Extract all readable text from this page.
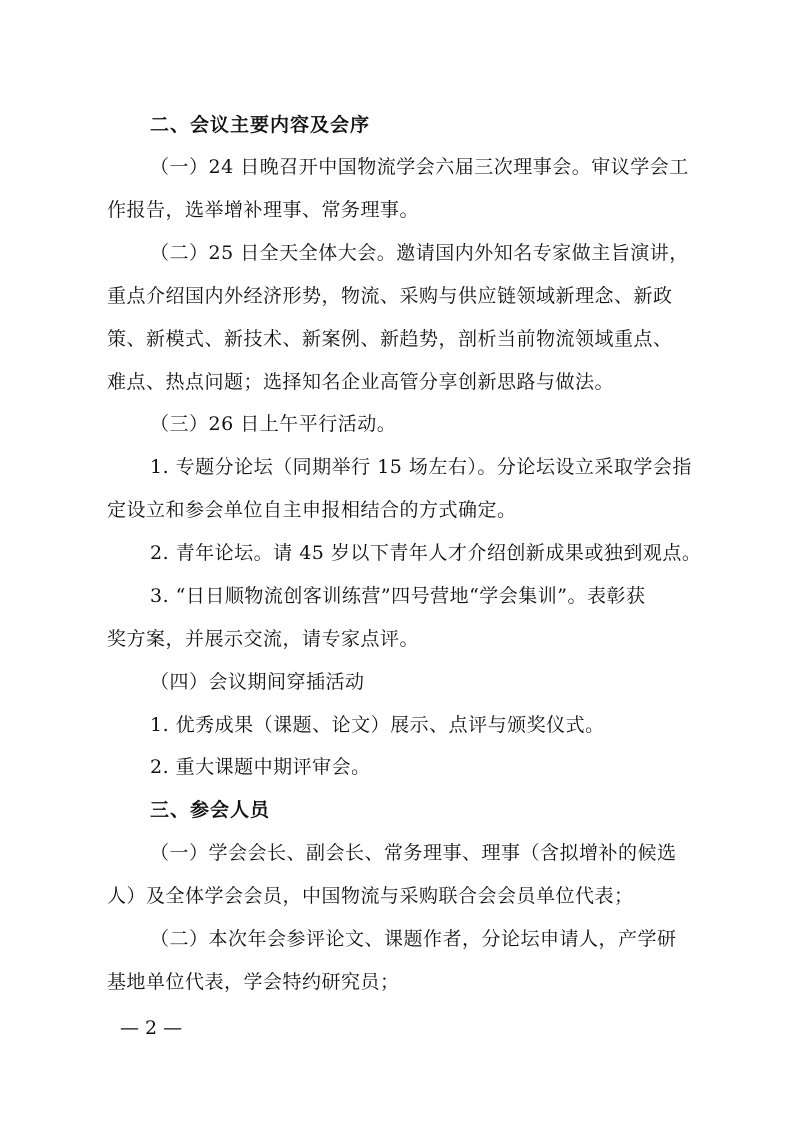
二、会议主要内容及会序
（一）24 日晚召开中国物流学会六届三次理事会。审议学会工
作报告，选举增补理事、常务理事。
（二）25 日全天全体大会。邀请国内外知名专家做主旨演讲，
重点介绍国内外经济形势，物流、采购与供应链领域新理念、新政
策、新模式、新技术、新案例、新趋势，剖析当前物流领域重点、
难点、热点问题；选择知名企业高管分享创新思路与做法。
（三）26 日上午平行活动。
1. 专题分论坛（同期举行 15 场左右）。分论坛设立采取学会指
定设立和参会单位自主申报相结合的方式确定。
2. 青年论坛。请 45 岁以下青年人才介绍创新成果或独到观点。
3. “日日顺物流创客训练营”四号营地“学会集训”。表彰获
奖方案，并展示交流，请专家点评。
（四）会议期间穿插活动
1. 优秀成果（课题、论文）展示、点评与颁奖仪式。
2. 重大课题中期评审会。
三、参会人员
（一）学会会长、副会长、常务理事、理事（含拟增补的候选
人）及全体学会会员，中国物流与采购联合会会员单位代表；
（二）本次年会参评论文、课题作者，分论坛申请人，产学研
基地单位代表，学会特约研究员；
— 2 —
